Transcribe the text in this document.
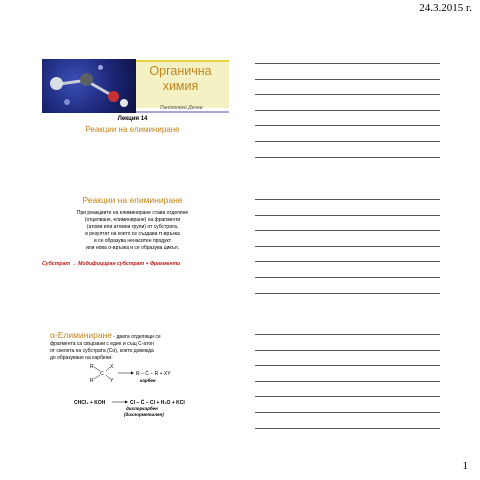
24.3.2015 г.
Органична
химия
Пантелеко Денев
Лекция 14
Реакции на елиминиране
Реакции на елиминиране
При реакциите на елиминиране става отделяне
(отцепване, елиминиране) на фрагменти
(атоми или атомни групи) от субстрата,
в резултат на което се създава π-връзка
и се образува ненаситен продукт
или нова σ-връзка и се образува цикъл.
Субстрат → Модифициран субстрат + Фрагменти
α-Елиминиране - двата отделящи се
фрагмента са свързани с един и същ С-атон
от скелета на субстрата (Cα), което довежда
до образуване на карбени:
R	X
C
R	Y
R − C̈ − R + XY
карбен
CHCl₃ + KOH	Cl − C̈ − Cl + H₂O + KCl
дихлоркарбен
(дихлорметилен)
1
